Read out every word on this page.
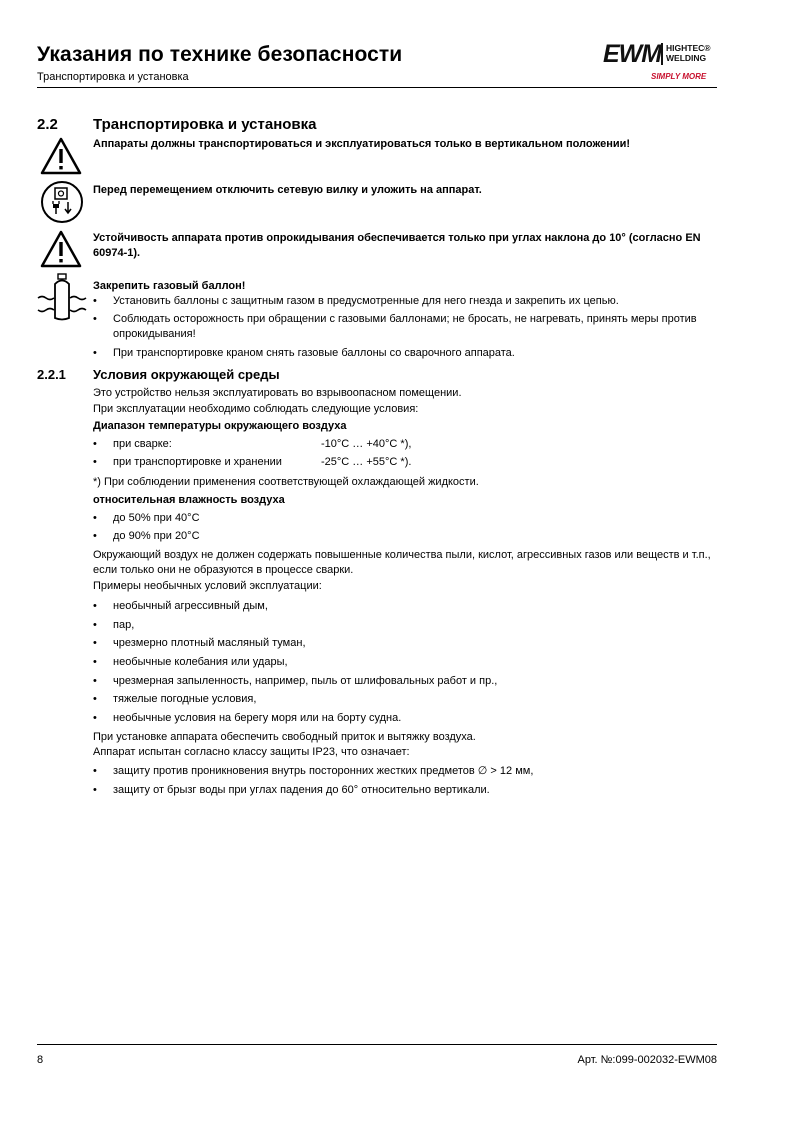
Указания по технике безопасности
Транспортировка и установка
EWM HIGHTEC®
WELDING
SIMPLY MORE
2.2 Транспортировка и установка
Аппараты должны транспортироваться и эксплуатироваться только в вертикальном положении!
Перед перемещением отключить сетевую вилку и уложить на аппарат.
Устойчивость аппарата против опрокидывания обеспечивается только при углах наклона до 10° (согласно EN 60974-1).
Закрепить газовый баллон!
• Установить баллоны с защитным газом в предусмотренные для него гнезда и закрепить их цепью.
• Соблюдать осторожность при обращении с газовыми баллонами; не бросать, не нагревать, принять меры против опрокидывания!
• При транспортировке краном снять газовые баллоны со сварочного аппарата.
2.2.1 Условия окружающей среды
Это устройство нельзя эксплуатировать во взрывоопасном помещении.
При эксплуатации необходимо соблюдать следующие условия:
Диапазон температуры окружающего воздуха
• при сварке:	-10°C … +40°C *),
• при транспортировке и хранении	-25°C … +55°C *).
*) При соблюдении применения соответствующей охлаждающей жидкости.
относительная влажность воздуха
• до 50% при 40°C
• до 90% при 20°C
Окружающий воздух не должен содержать повышенные количества пыли, кислот, агрессивных газов или веществ и т.п., если только они не образуются в процессе сварки.
Примеры необычных условий эксплуатации:
• необычный агрессивный дым,
• пар,
• чрезмерно плотный масляный туман,
• необычные колебания или удары,
• чрезмерная запыленность, например, пыль от шлифовальных работ и пр.,
• тяжелые погодные условия,
• необычные условия на берегу моря или на борту судна.
При установке аппарата обеспечить свободный приток и вытяжку воздуха.
Аппарат испытан согласно классу защиты IP23, что означает:
• защиту против проникновения внутрь посторонних жестких предметов ∅ > 12 мм,
• защиту от брызг воды при углах падения до 60° относительно вертикали.
8	Арт. №:099-002032-EWM08
